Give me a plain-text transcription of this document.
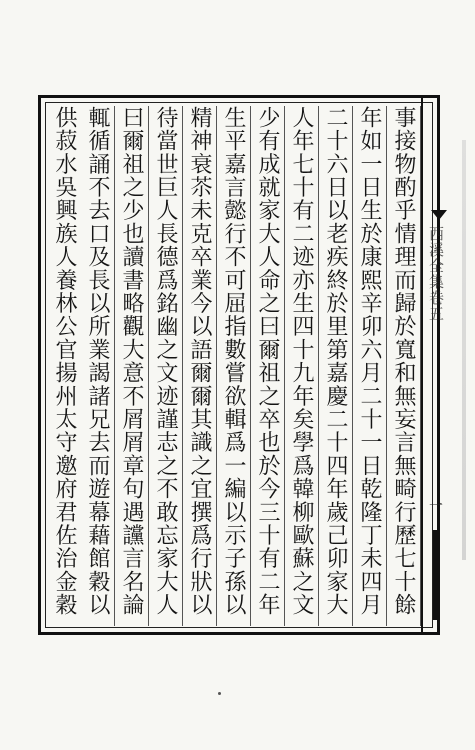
西溪全集卷五
一
事接物酌乎情理而歸於寬和無妄言無畸行歷七十餘
年如一日生於康熙辛卯六月二十一日乾隆丁未四月
二十六日以老疾終於里第嘉慶二十四年歲己卯家大
人年七十有二迹亦生四十九年矣學爲韓柳歐蘇之文
少有成就家大人命之曰爾祖之卒也於今三十有二年
生平嘉言懿行不可屈指數嘗欲輯爲一編以示子孫以
精神衰苶未克卒業今以語爾爾其識之宜撰爲行狀以
待當世巨人長德爲銘幽之文迹謹志之不敢忘家大人
曰爾祖之少也讀書略觀大意不屑屑章句遇讜言名論
輒循誦不去口及長以所業謁諸兄去而遊幕藉館穀以
供菽水吳興族人養林公官揚州太守邀府君佐治金穀
